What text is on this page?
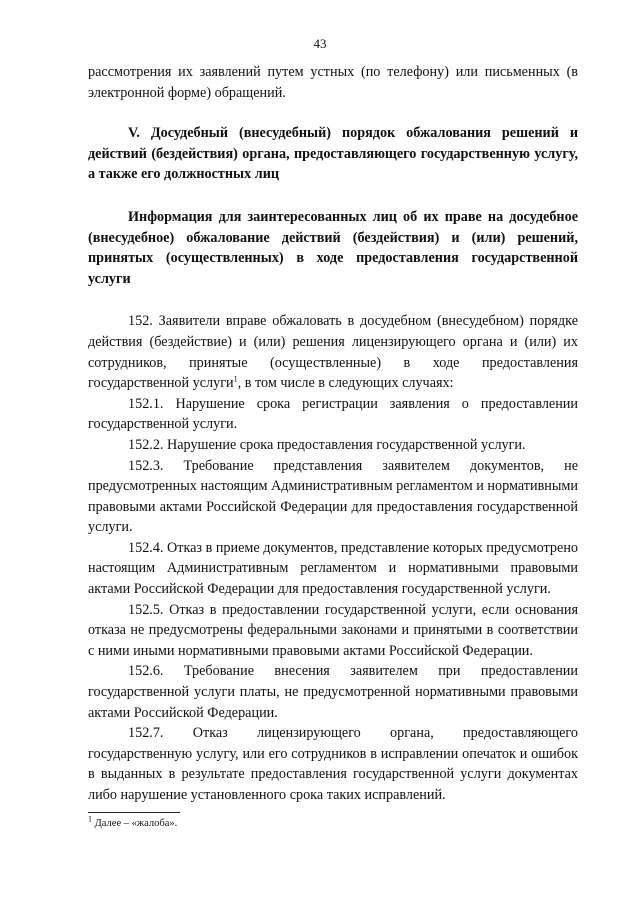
43

рассмотрения их заявлений путем устных (по телефону) или письменных (в электронной форме) обращений.

V. Досудебный (внесудебный) порядок обжалования решений и действий (бездействия) органа, предоставляющего государственную услугу, а также его должностных лиц

Информация для заинтересованных лиц об их праве на досудебное (внесудебное) обжалование действий (бездействия) и (или) решений, принятых (осуществленных) в ходе предоставления государственной услуги

152. Заявители вправе обжаловать в досудебном (внесудебном) порядке действия (бездействие) и (или) решения лицензирующего органа и (или) их сотрудников, принятые (осуществленные) в ходе предоставления государственной услуги$^1$, в том числе в следующих случаях:

152.1. Нарушение срока регистрации заявления о предоставлении государственной услуги.

152.2. Нарушение срока предоставления государственной услуги.

152.3. Требование представления заявителем документов, не предусмотренных настоящим Административным регламентом и нормативными правовыми актами Российской Федерации для предоставления государственной услуги.

152.4. Отказ в приеме документов, представление которых предусмотрено настоящим Административным регламентом и нормативными правовыми актами Российской Федерации для предоставления государственной услуги.

152.5. Отказ в предоставлении государственной услуги, если основания отказа не предусмотрены федеральными законами и принятыми в соответствии с ними иными нормативными правовыми актами Российской Федерации.

152.6. Требование внесения заявителем при предоставлении государственной услуги платы, не предусмотренной нормативными правовыми актами Российской Федерации.

152.7. Отказ лицензирующего органа, предоставляющего государственную услугу, или его сотрудников в исправлении опечаток и ошибок в выданных в результате предоставления государственной услуги документах либо нарушение установленного срока таких исправлений.

$^1$ Далее – «жалоба».
